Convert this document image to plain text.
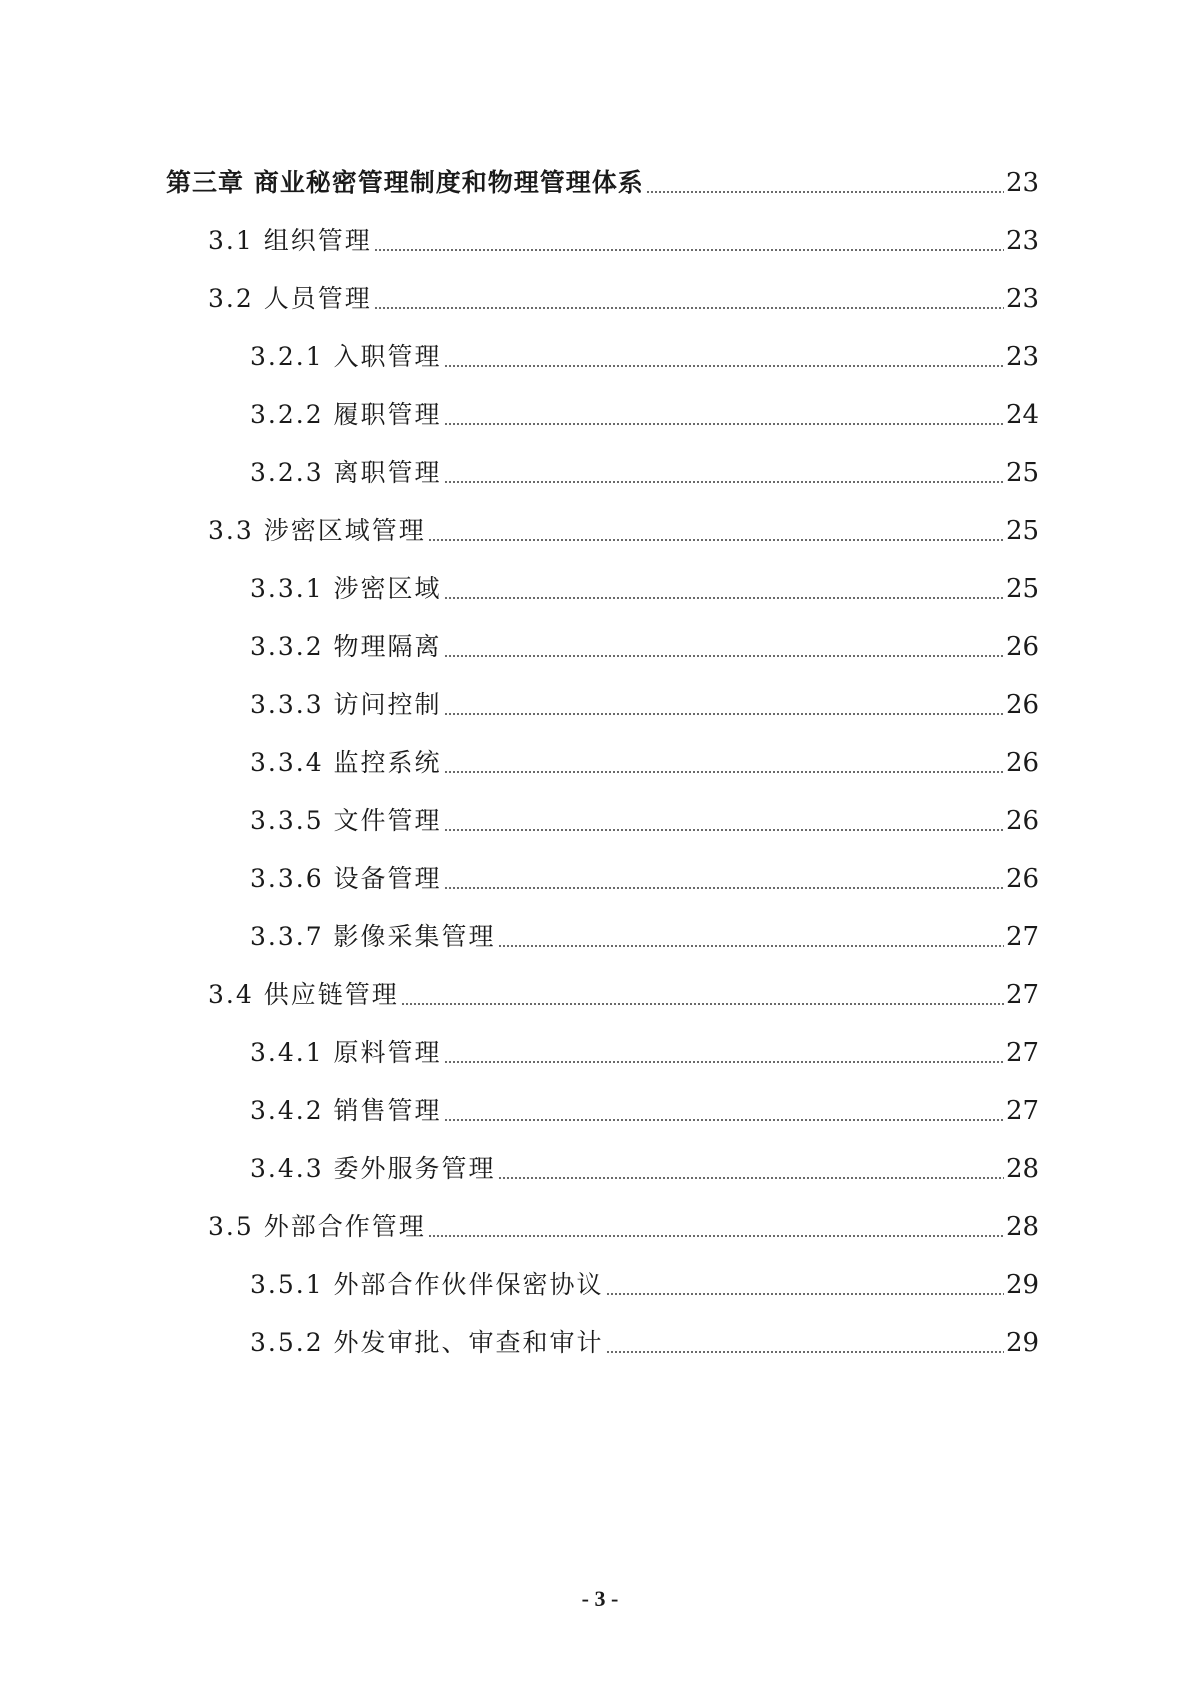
第三章 商业秘密管理制度和物理管理体系	23
3.1 组织管理	23
3.2 人员管理	23
3.2.1 入职管理	23
3.2.2 履职管理	24
3.2.3 离职管理	25
3.3 涉密区域管理	25
3.3.1 涉密区域	25
3.3.2 物理隔离	26
3.3.3 访问控制	26
3.3.4 监控系统	26
3.3.5 文件管理	26
3.3.6 设备管理	26
3.3.7 影像采集管理	27
3.4 供应链管理	27
3.4.1 原料管理	27
3.4.2 销售管理	27
3.4.3 委外服务管理	28
3.5 外部合作管理	28
3.5.1 外部合作伙伴保密协议	29
3.5.2 外发审批、审查和审计	29
- 3 -
